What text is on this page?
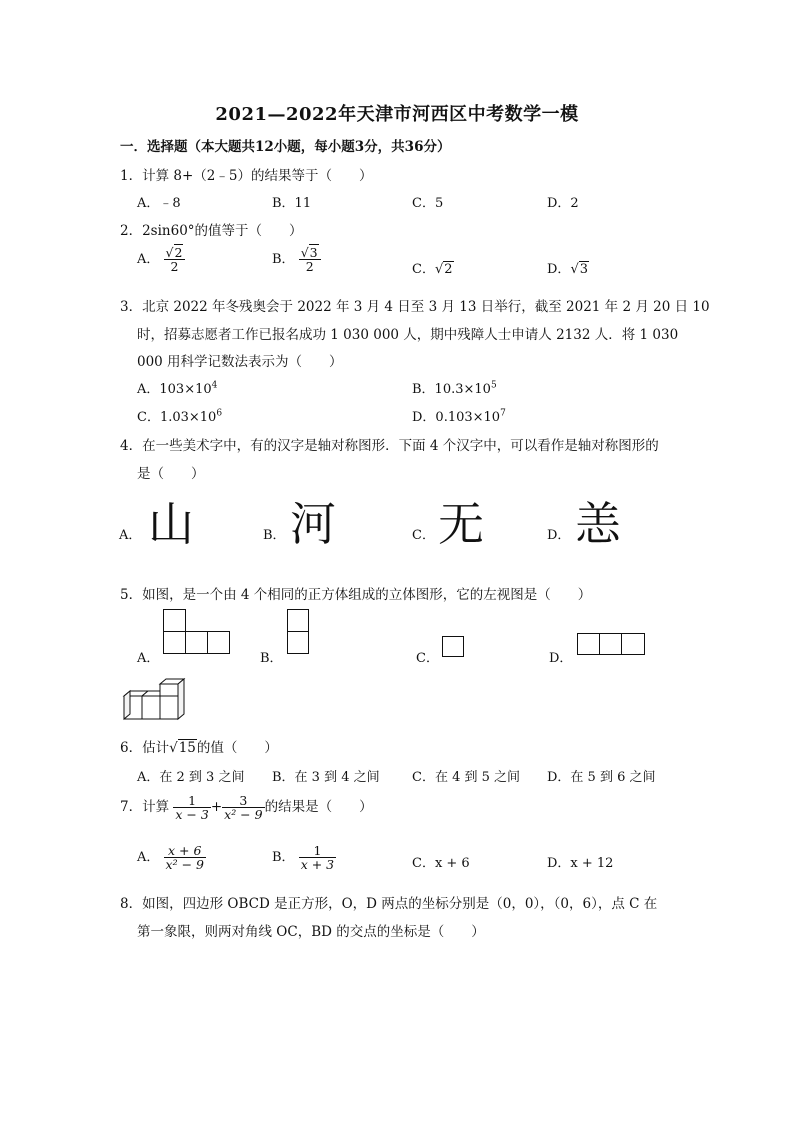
2021—2022年天津市河西区中考数学一模
一．选择题（本大题共12小题，每小题3分，共36分）
1．计算 8+（2﹣5）的结果等于（　　）
A．﹣8	B．11	C．5	D．2
2．2sin60°的值等于（　　）
A． $\frac{√2}{2}$	B． $\frac{√3}{2}$	C．√2	D．√3
3．北京 2022 年冬残奥会于 2022 年 3 月 4 日至 3 月 13 日举行，截至 2021 年 2 月 20 日 10
时，招募志愿者工作已报名成功 1 030 000 人，期中残障人士申请人 2132 人．将 1 030
000 用科学记数法表示为（　　）
A．$103\times 10^4$	B．$10.3\times 10^5$
C．$1.03\times 10^6$	D．$0.103\times 10^7$
4．在一些美术字中，有的汉字是轴对称图形．下面 4 个汉字中，可以看作是轴对称图形的
是（　　）
A． 山	B． 河	C． 无	D． 恙
5．如图，是一个由 4 个相同的正方体组成的立体图形，它的左视图是（　　）
A．	B．	C．	D．
6．估计√15的值（　　）
A．在 2 到 3 之间 B．在 3 到 4 之间 C．在 4 到 5 之间 D．在 5 到 6 之间
7．计算 $\frac{1}{x - 3} + \frac{3}{\text{x² − 9}}$ 的结果是（　　）
A． $\frac{x + 6}{\text{x² − 9}}$	B． $\frac{1}{x + 3}$	C．x + 6	D．x + 12
8．如图，四边形 OBCD 是正方形，O，D 两点的坐标分别是（0，0），（0，6），点 C 在
第一象限，则两对角线 OC，BD 的交点的坐标是（　　）
